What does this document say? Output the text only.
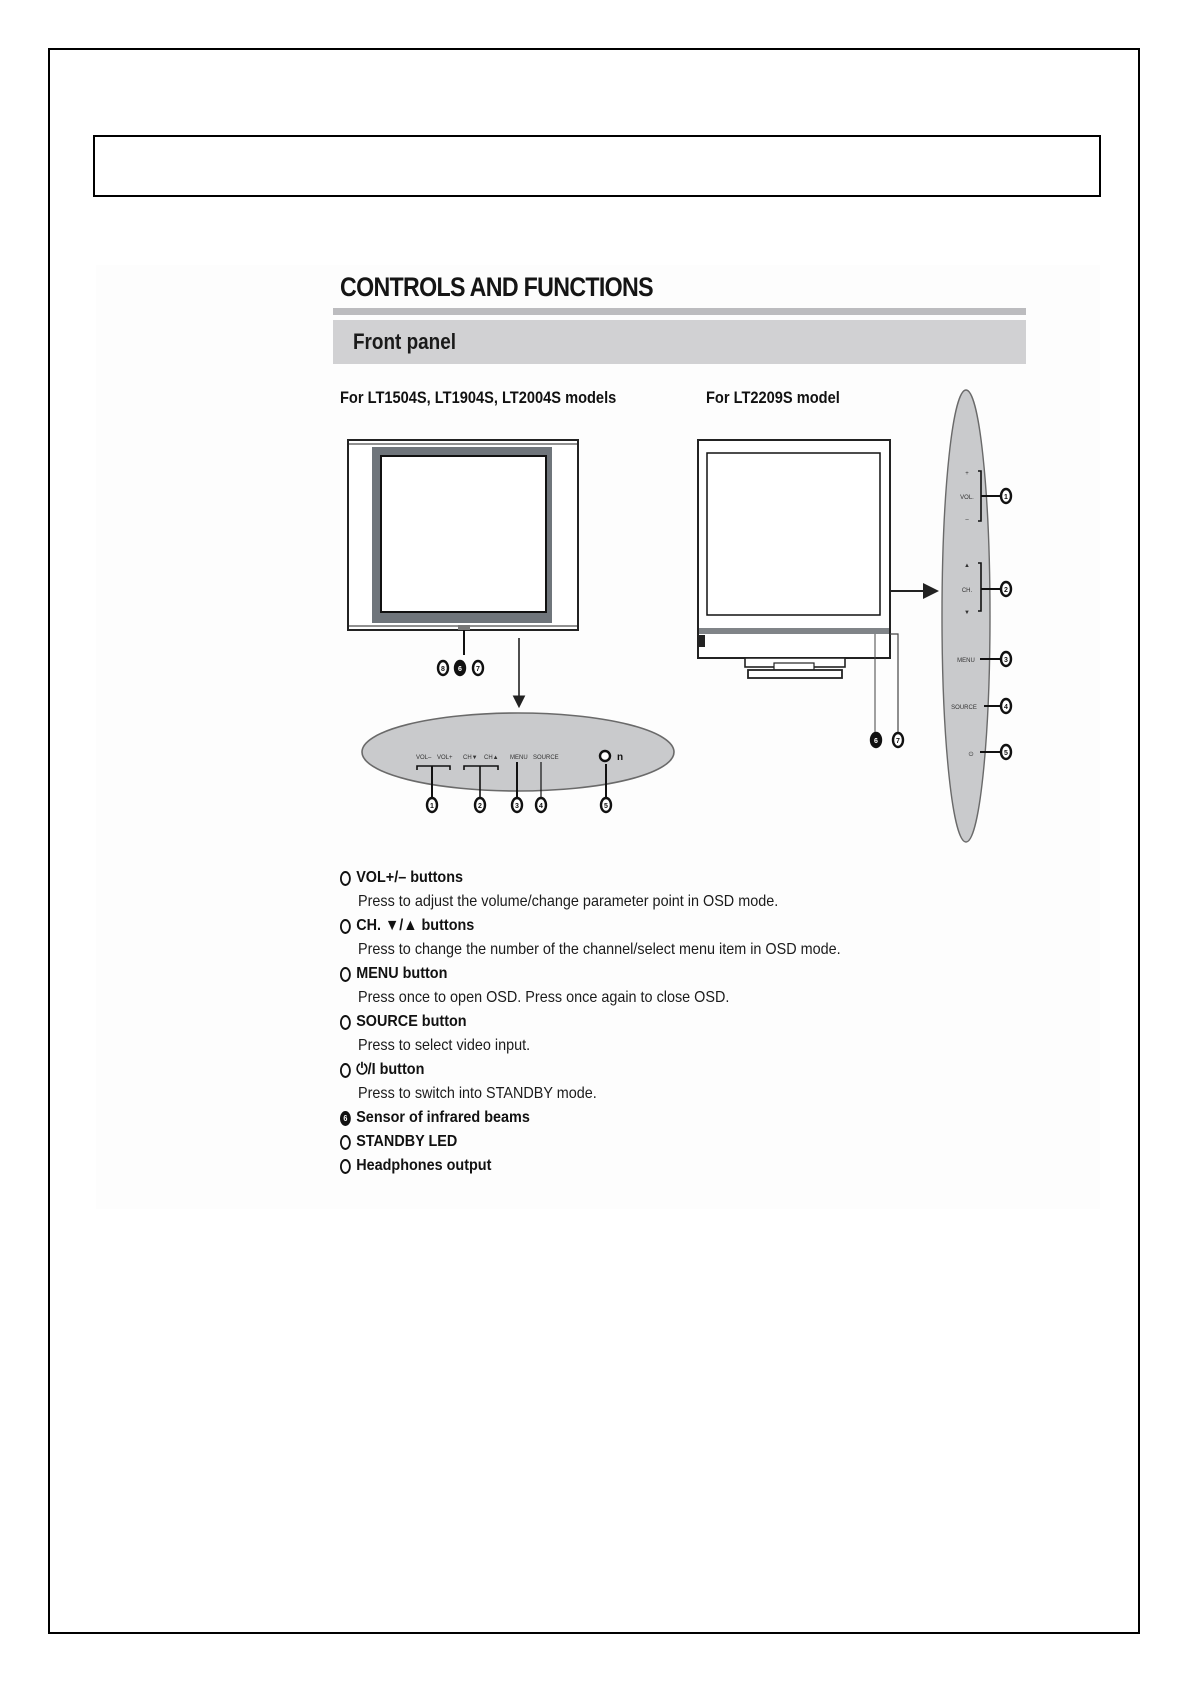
CONTROLS AND FUNCTIONS
Front panel
For LT1504S, LT1904S, LT2004S models	For LT2209S model
VOL– VOL+ CH▼ CH▲ MENU SOURCE	n
+
VOL.
–
▲
CH.
▼
MENU
SOURCE
⏻
8 6 7
6	7
1	2	3	4	5
1
2
3
4
5
VOL+/– buttons
Press to adjust the volume/change parameter point in OSD mode.
CH. ▼/▲ buttons
Press to change the number of the channel/select menu item in OSD mode.
MENU button
Press once to open OSD. Press once again to close OSD.
SOURCE button
Press to select video input.
⏻/I button
Press to switch into STANDBY mode.
6 Sensor of infrared beams
STANDBY LED
Headphones output
